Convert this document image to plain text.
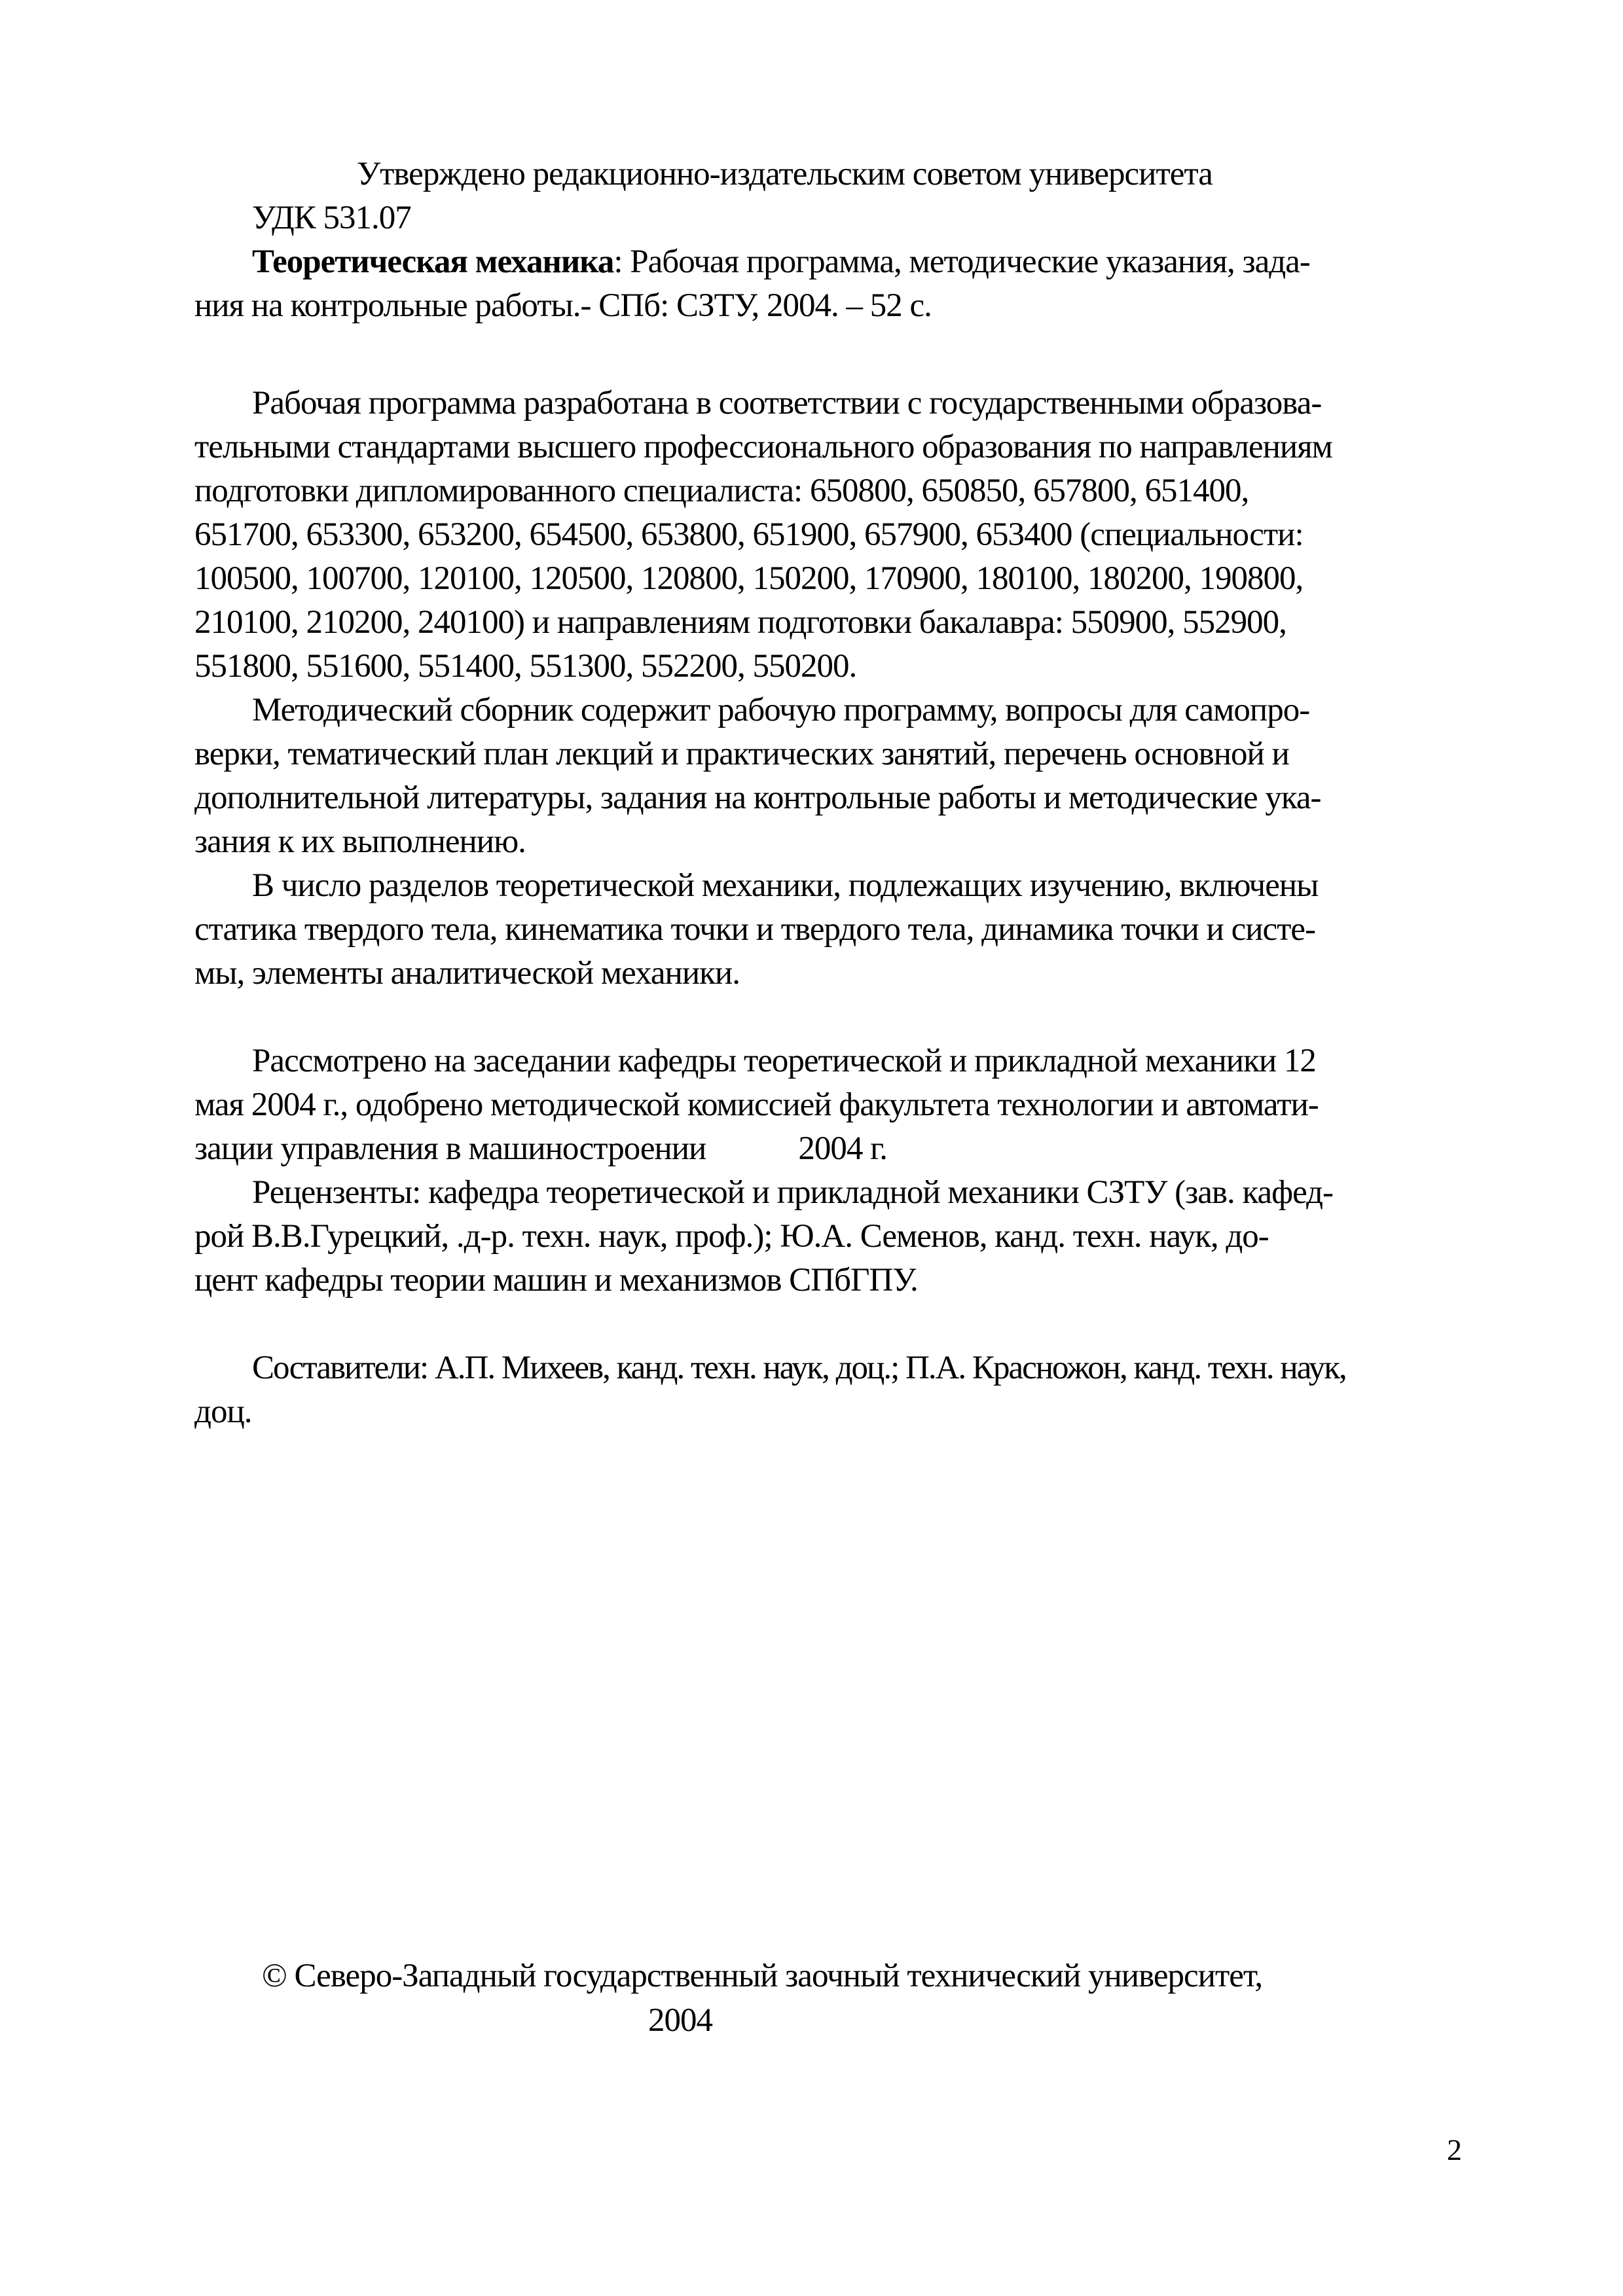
Утверждено редакционно-издательским советом университета
УДК 531.07
Теоретическая механика: Рабочая программа, методические указания, зада-
ния на контрольные работы.- СПб: СЗТУ, 2004. – 52 с.
Рабочая программа разработана в соответствии с государственными образова-
тельными стандартами высшего профессионального образования по направлениям
подготовки дипломированного специалиста: 650800, 650850, 657800, 651400,
651700, 653300, 653200, 654500, 653800, 651900, 657900, 653400 (специальности:
100500, 100700, 120100, 120500, 120800, 150200, 170900, 180100, 180200, 190800,
210100, 210200, 240100) и направлениям подготовки бакалавра: 550900, 552900,
551800, 551600, 551400, 551300, 552200, 550200.
Методический сборник содержит рабочую программу, вопросы для самопро-
верки, тематический план лекций и практических занятий, перечень основной и
дополнительной литературы, задания на контрольные работы и методические ука-
зания к их выполнению.
В число разделов теоретической механики, подлежащих изучению, включены
статика твердого тела, кинематика точки и твердого тела, динамика точки и систе-
мы, элементы аналитической механики.
Рассмотрено на заседании кафедры теоретической и прикладной механики 12
мая 2004 г., одобрено методической комиссией факультета технологии и автомати-
зации управления в машиностроении            2004 г.
Рецензенты: кафедра теоретической и прикладной механики СЗТУ (зав. кафед-
рой В.В.Гурецкий, .д-р. техн. наук, проф.); Ю.А. Семенов, канд. техн. наук, до-
цент кафедры теории машин и механизмов СПбГПУ.
Составители: А.П. Михеев, канд. техн. наук, доц.; П.А. Красножон, канд. техн. наук,
доц.
© Северо-Западный государственный заочный технический университет,
2004
2
